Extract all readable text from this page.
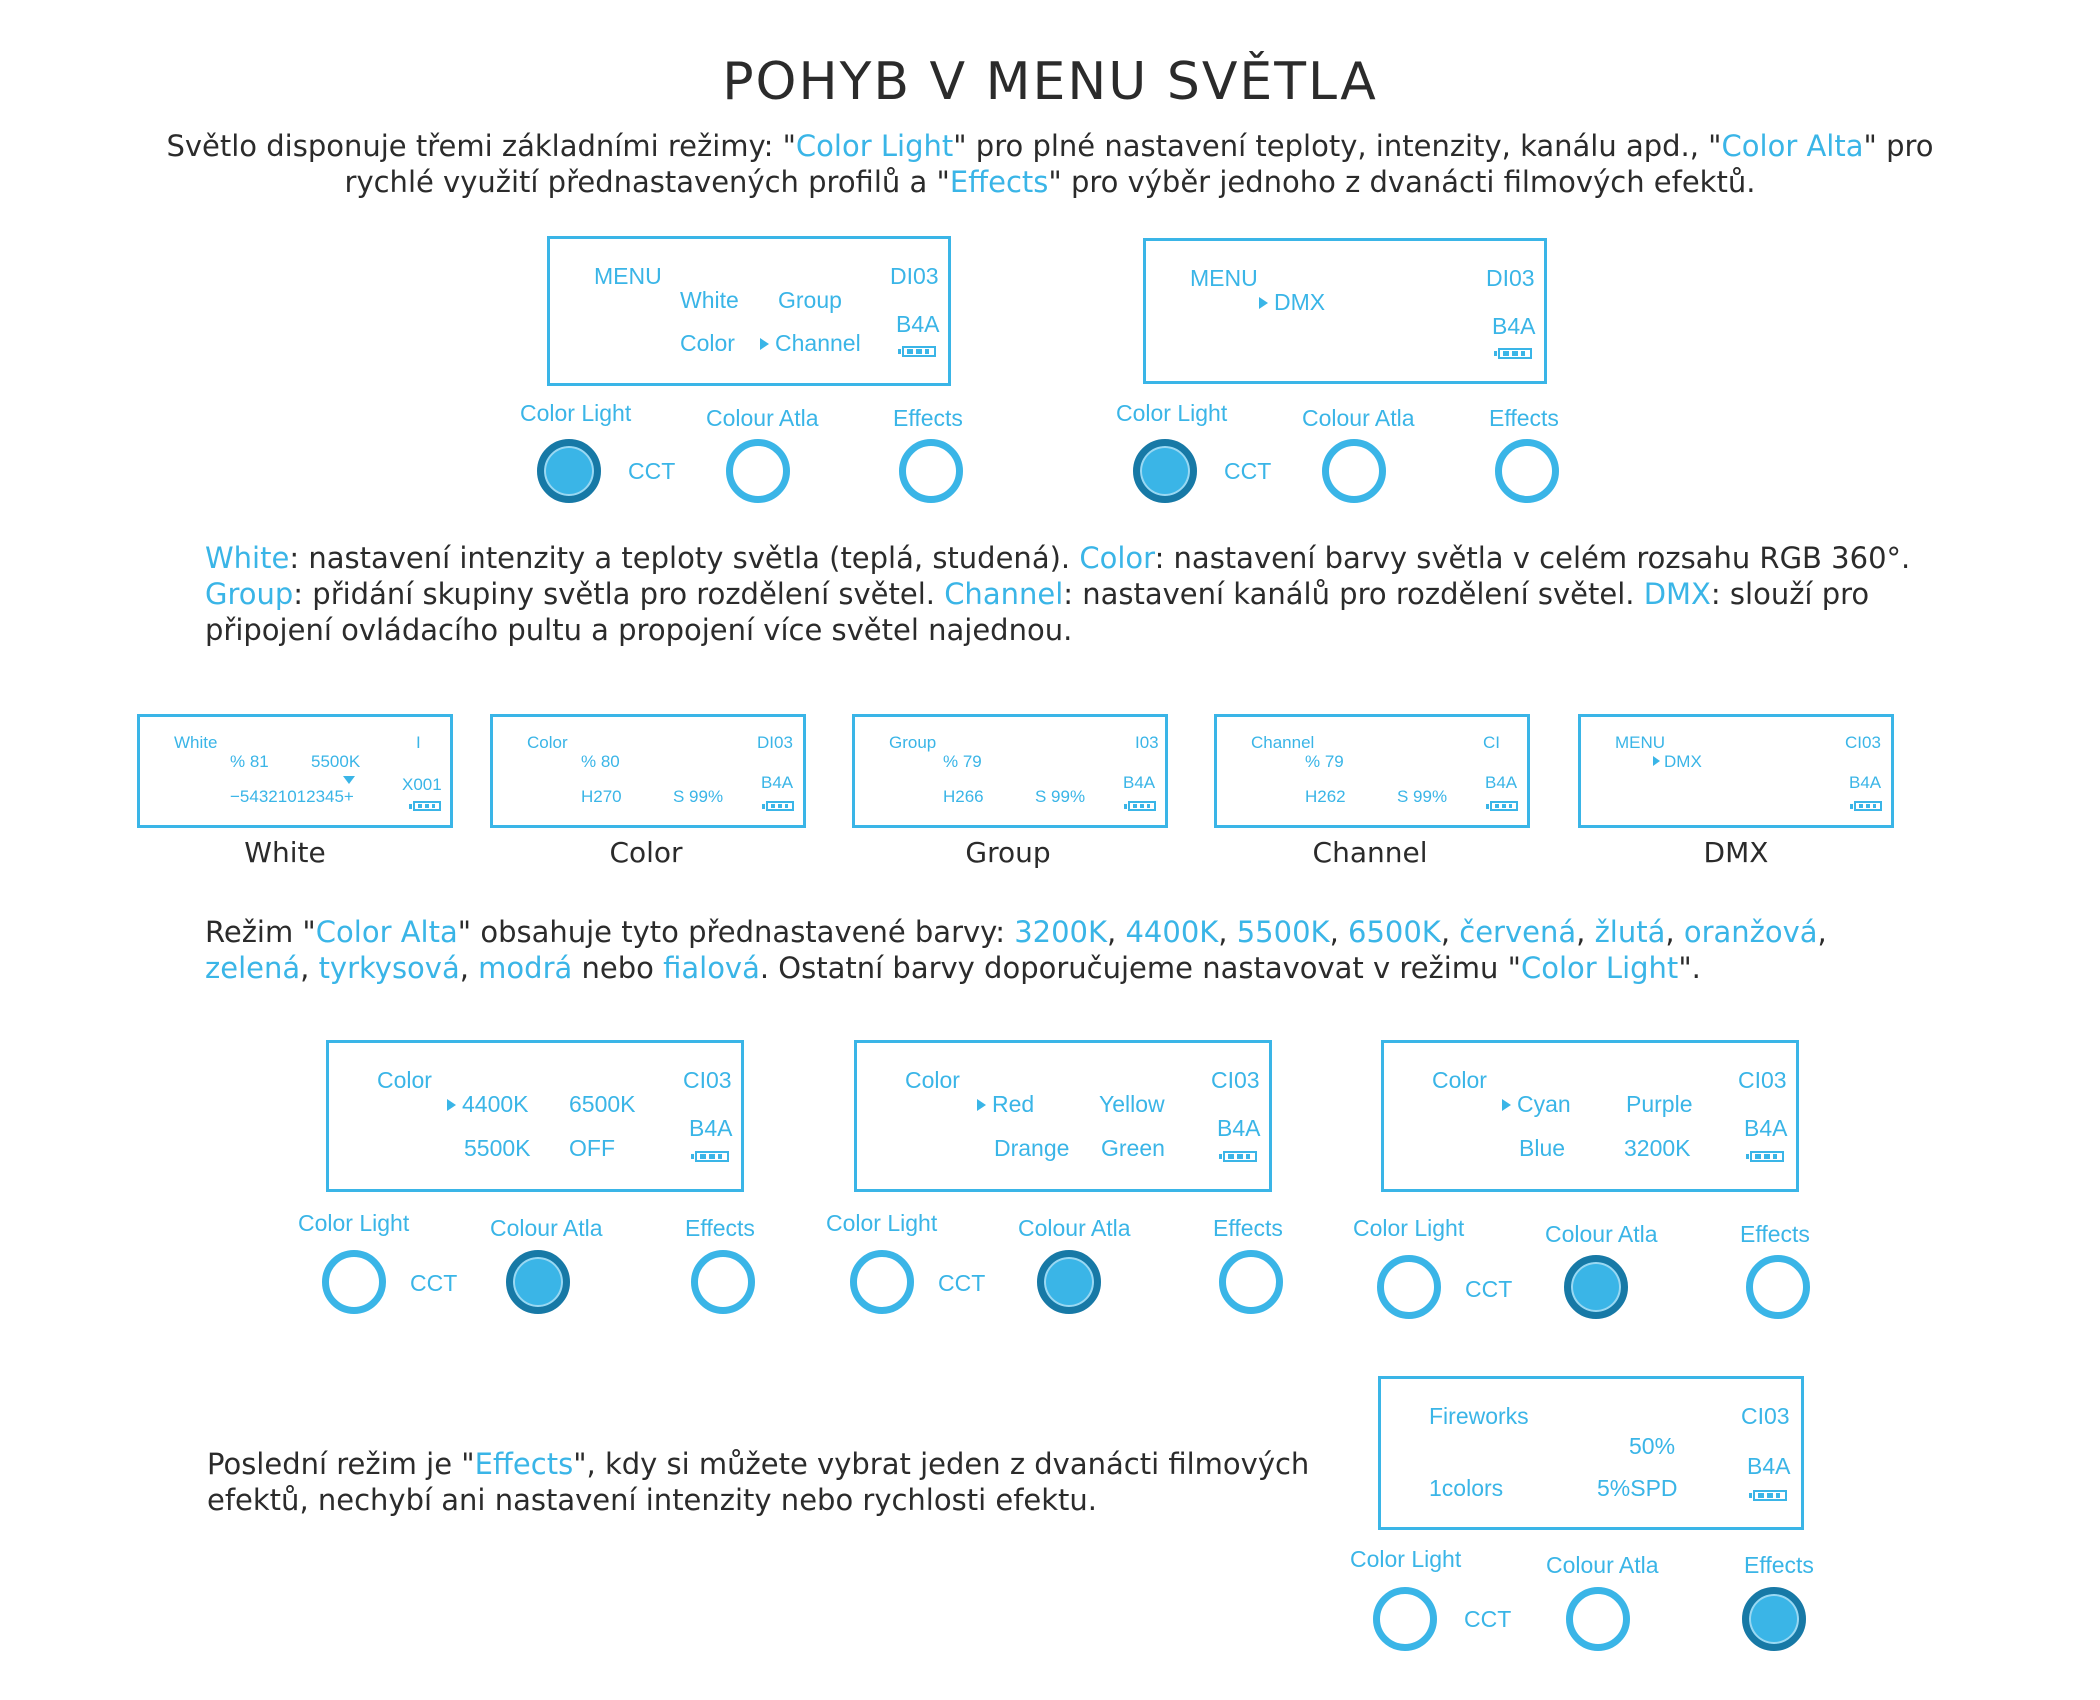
POHYB V MENU SVĚTLA
Světlo disponuje třemi základními režimy: "Color Light" pro plné nastavení teploty, intenzity, kanálu apd., "Color Alta" pro rychlé využití přednastavených profilů a "Effects" pro výběr jednoho z dvanácti filmových efektů.
MENU
White Group
Color	Channel
DI03
B4A
MENU
DMX
DI03
B4A
Color Light	Colour Atla	Effects
CCT
Color Light	Colour Atla	Effects
CCT
White: nastavení intenzity a teploty světla (teplá, studená). Color: nastavení barvy světla v celém rozsahu RGB 360°. Group: přidání skupiny světla pro rozdělení světel. Channel: nastavení kanálů pro rozdělení světel. DMX: slouží pro připojení ovládacího pultu a propojení více světel najednou.
White
% 81 5500K
−54321012345+
I
X001
White
Color
% 80
H270	S 99%
DI03
B4A
Color
Group
% 79
H266	S 99%
I03
B4A
Group
Channel
% 79
H262	S 99%
CI
B4A
Channel
MENU
DMX
CI03
B4A
DMX
Režim "Color Alta" obsahuje tyto přednastavené barvy: 3200K, 4400K, 5500K, 6500K, červená, žlutá, oranžová, zelená, tyrkysová, modrá nebo fialová. Ostatní barvy doporučujeme nastavovat v režimu "Color Light".
Color
4400K 6500K
5500K OFF
CI03
B4A
Color
Red	Yellow
Drange Green
CI03
B4A
Color
Cyan Purple
Blue	3200K
CI03
B4A
Color Light	Colour Atla	Effects
CCT
Color Light	Colour Atla	Effects
CCT
Color Light	Colour Atla	Effects
CCT
Poslední režim je "Effects", kdy si můžete vybrat jeden z dvanácti filmových efektů, nechybí ani nastavení intenzity nebo rychlosti efektu.
Fireworks
50%
1colors	5%SPD
CI03
B4A
Color Light	Colour Atla	Effects
CCT
